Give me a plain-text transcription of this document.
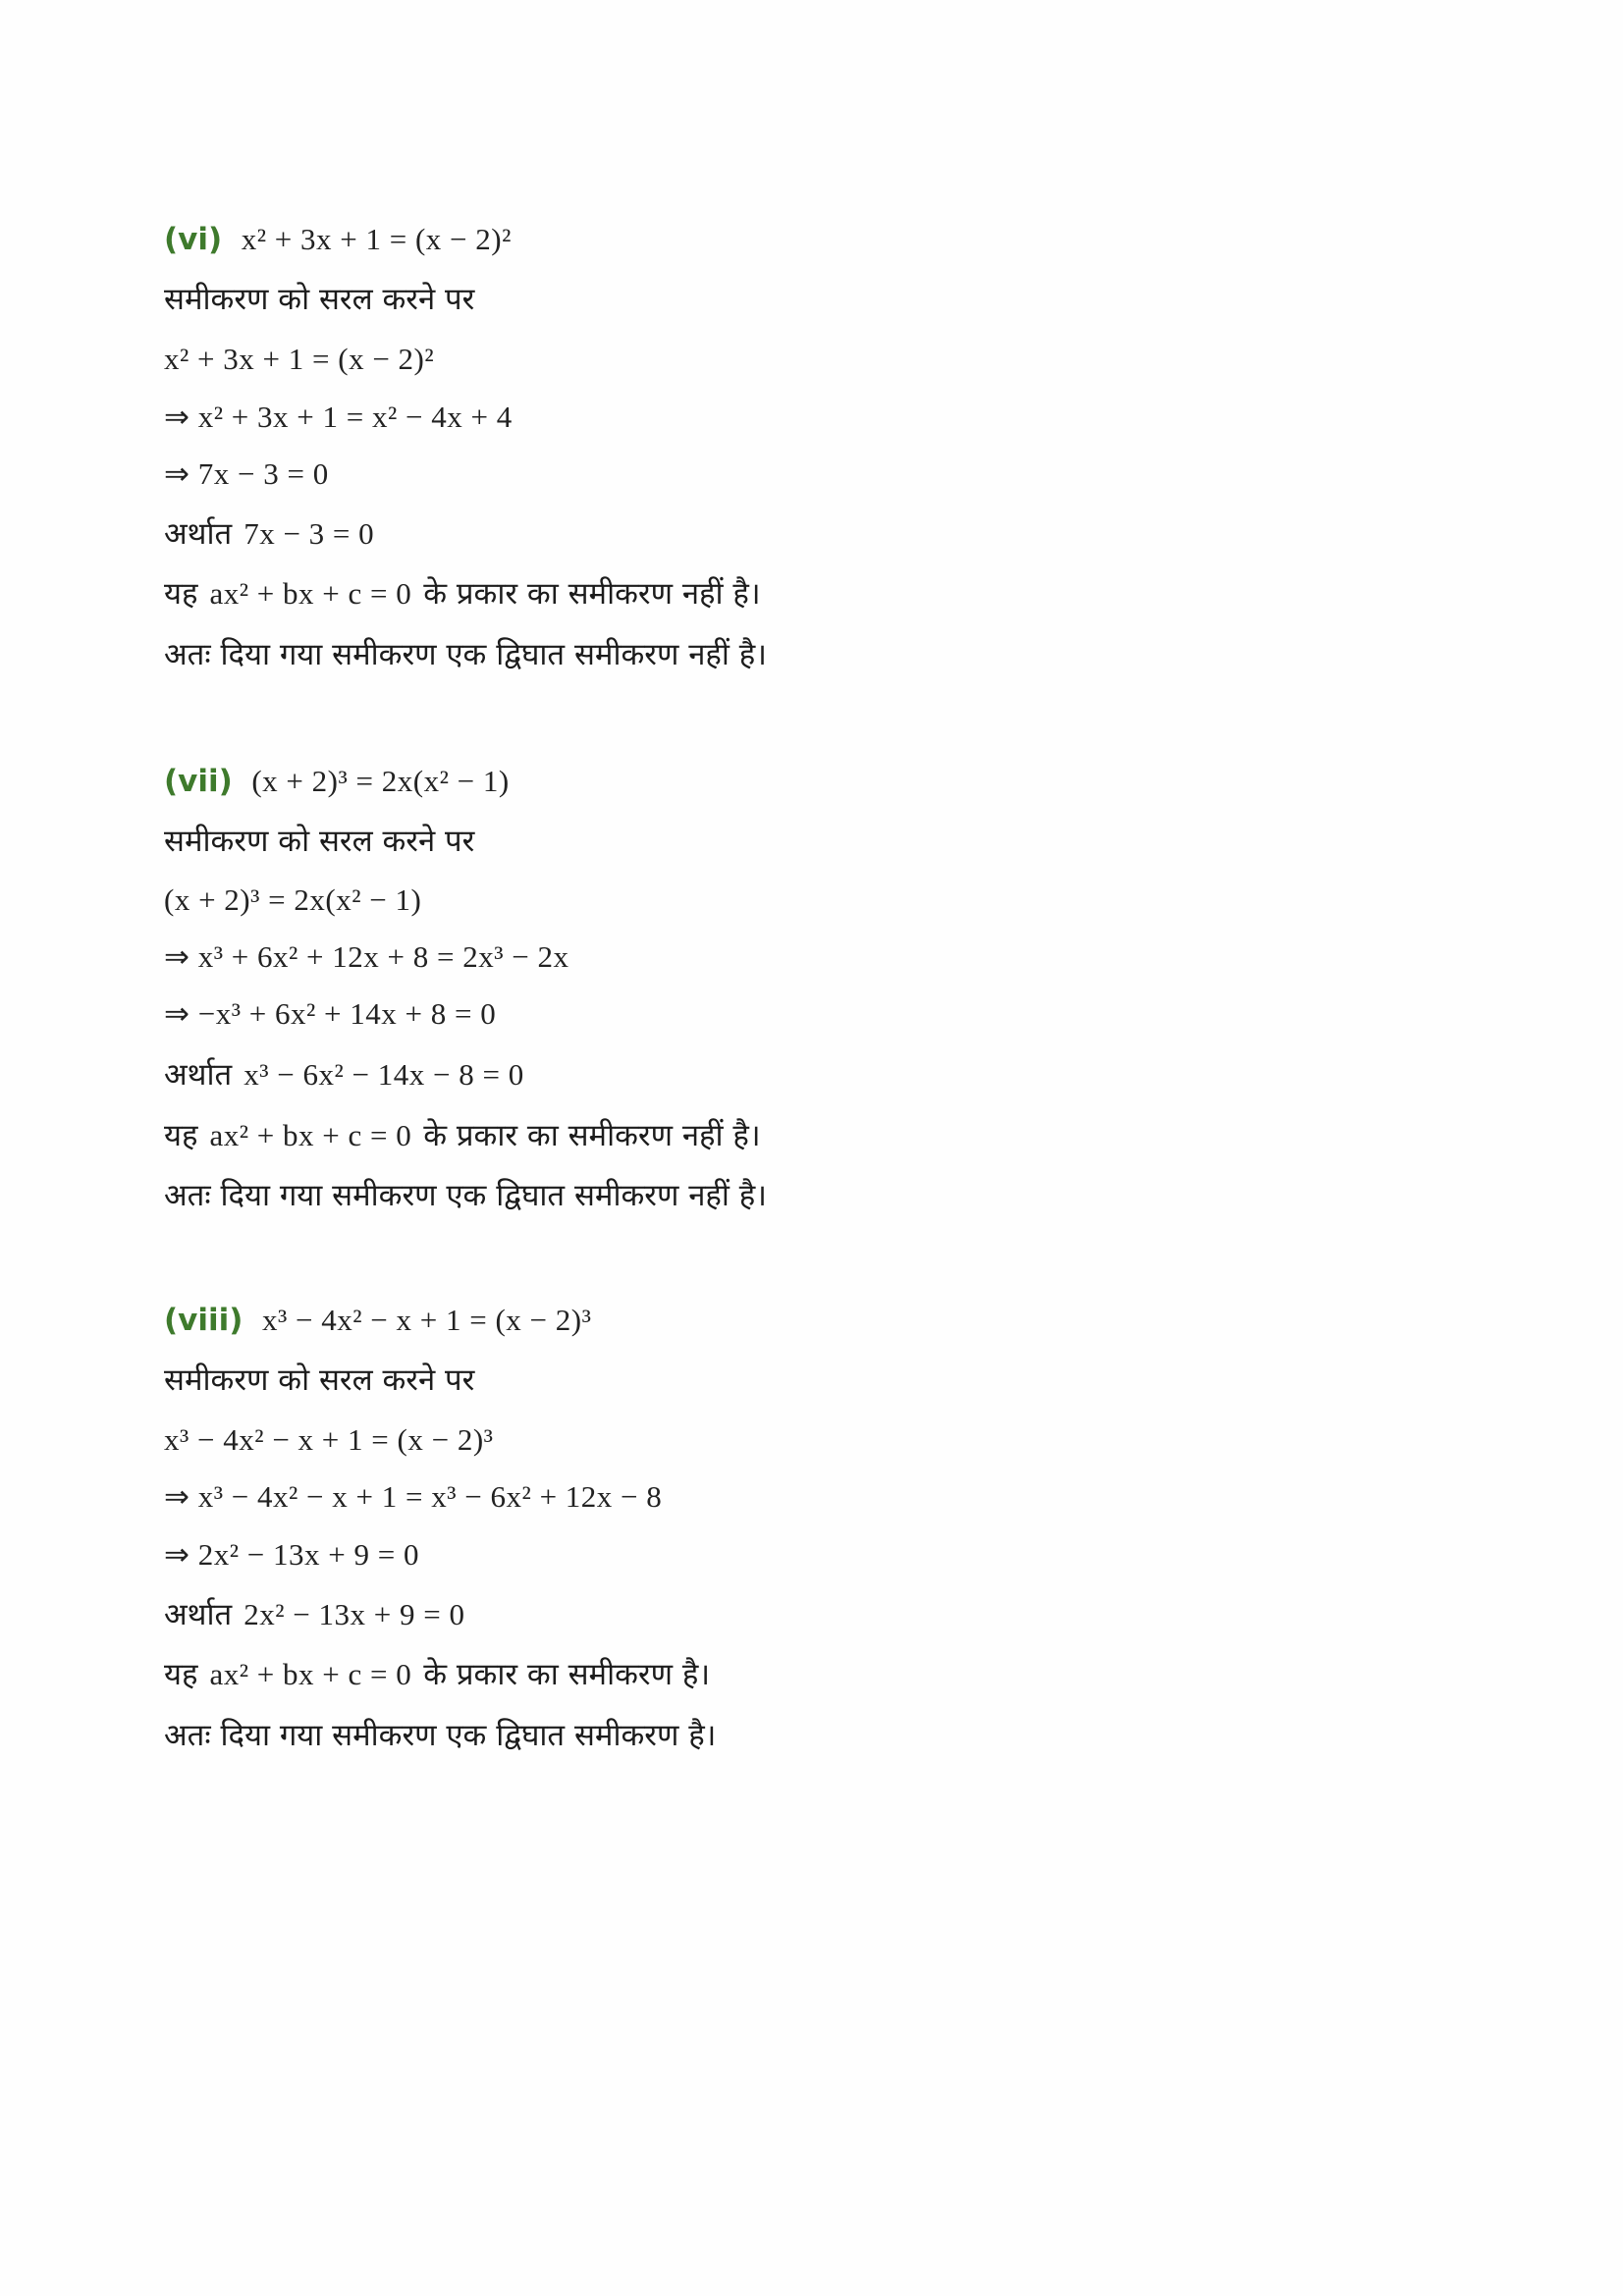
(vi) x² + 3x + 1 = (x − 2)²
समीकरण को सरल करने पर
x² + 3x + 1 = (x − 2)²
⇒ x² + 3x + 1 = x² − 4x + 4
⇒ 7x − 3 = 0
अर्थात 7x − 3 = 0
यह ax² + bx + c = 0 के प्रकार का समीकरण नहीं है।
अतः दिया गया समीकरण एक द्विघात समीकरण नहीं है।
(vii) (x + 2)³ = 2x(x² − 1)
समीकरण को सरल करने पर
(x + 2)³ = 2x(x² − 1)
⇒ x³ + 6x² + 12x + 8 = 2x³ − 2x
⇒ −x³ + 6x² + 14x + 8 = 0
अर्थात x³ − 6x² − 14x − 8 = 0
यह ax² + bx + c = 0 के प्रकार का समीकरण नहीं है।
अतः दिया गया समीकरण एक द्विघात समीकरण नहीं है।
(viii) x³ − 4x² − x + 1 = (x − 2)³
समीकरण को सरल करने पर
x³ − 4x² − x + 1 = (x − 2)³
⇒ x³ − 4x² − x + 1 = x³ − 6x² + 12x − 8
⇒ 2x² − 13x + 9 = 0
अर्थात 2x² − 13x + 9 = 0
यह ax² + bx + c = 0 के प्रकार का समीकरण है।
अतः दिया गया समीकरण एक द्विघात समीकरण है।
